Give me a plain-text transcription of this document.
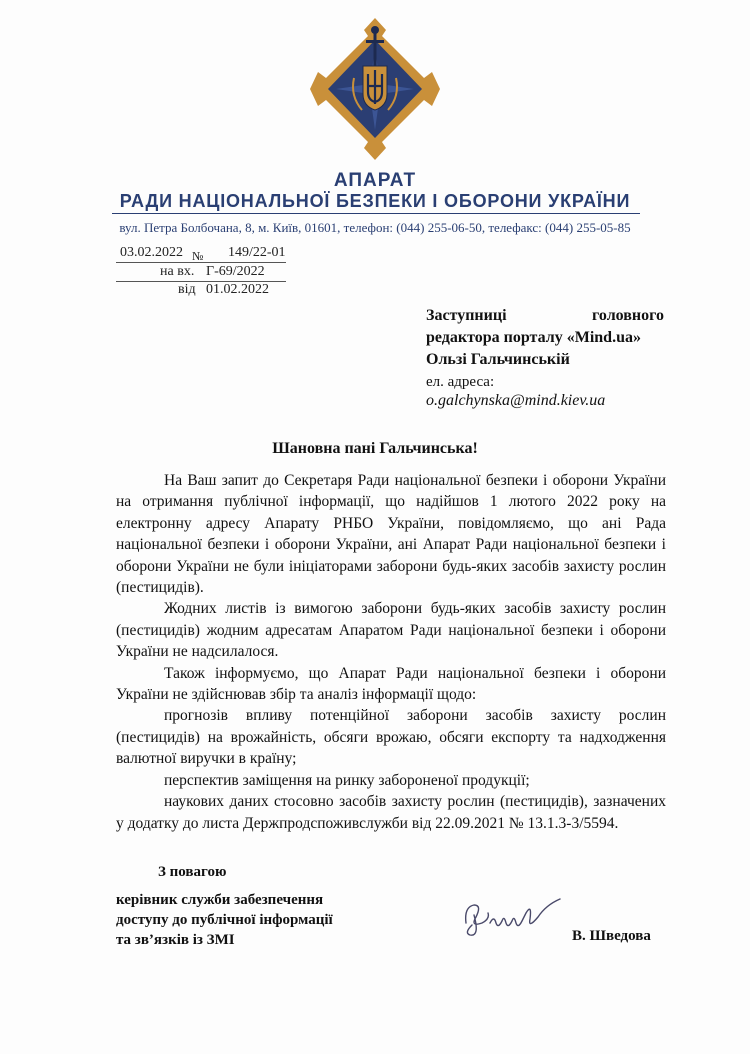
АПАРАТ
РАДИ НАЦІОНАЛЬНОЇ БЕЗПЕКИ І ОБОРОНИ УКРАЇНИ
вул. Петра Болбочана, 8, м. Київ, 01601, телефон: (044) 255-06-50, телефакс: (044) 255-05-85
03.02.2022 № 149/22-01
на вх. Г-69/2022
від 01.02.2022
Заступниці	головного
редактора порталу «Mind.ua»
Ользі Гальчинській
ел. адреса:
o.galchynska@mind.kiev.ua
Шановна пані Гальчинська!

На Ваш запит до Секретаря Ради національної безпеки і оборони України на отримання публічної інформації, що надійшов 1 лютого 2022 року на електронну адресу Апарату РНБО України, повідомляємо, що ані Рада національної безпеки і оборони України, ані Апарат Ради національної безпеки і оборони України не були ініціаторами заборони будь-яких засобів захисту рослин (пестицидів).

Жодних листів із вимогою заборони будь-яких засобів захисту рослин (пестицидів) жодним адресатам Апаратом Ради національної безпеки і оборони України не надсилалося.

Також інформуємо, що Апарат Ради національної безпеки і оборони України не здійснював збір та аналіз інформації щодо:

прогнозів впливу потенційної заборони засобів захисту рослин (пестицидів) на врожайність, обсяги врожаю, обсяги експорту та надходження валютної виручки в країну;

перспектив заміщення на ринку забороненої продукції;

наукових даних стосовно засобів захисту рослин (пестицидів), зазначених у додатку до листа Держпродспоживслужби від 22.09.2021 № 13.1.3-3/5594.

З повагою
керівник служби забезпечення
доступу до публічної інформації
та зв’язків із ЗМІ	В. Шведова
